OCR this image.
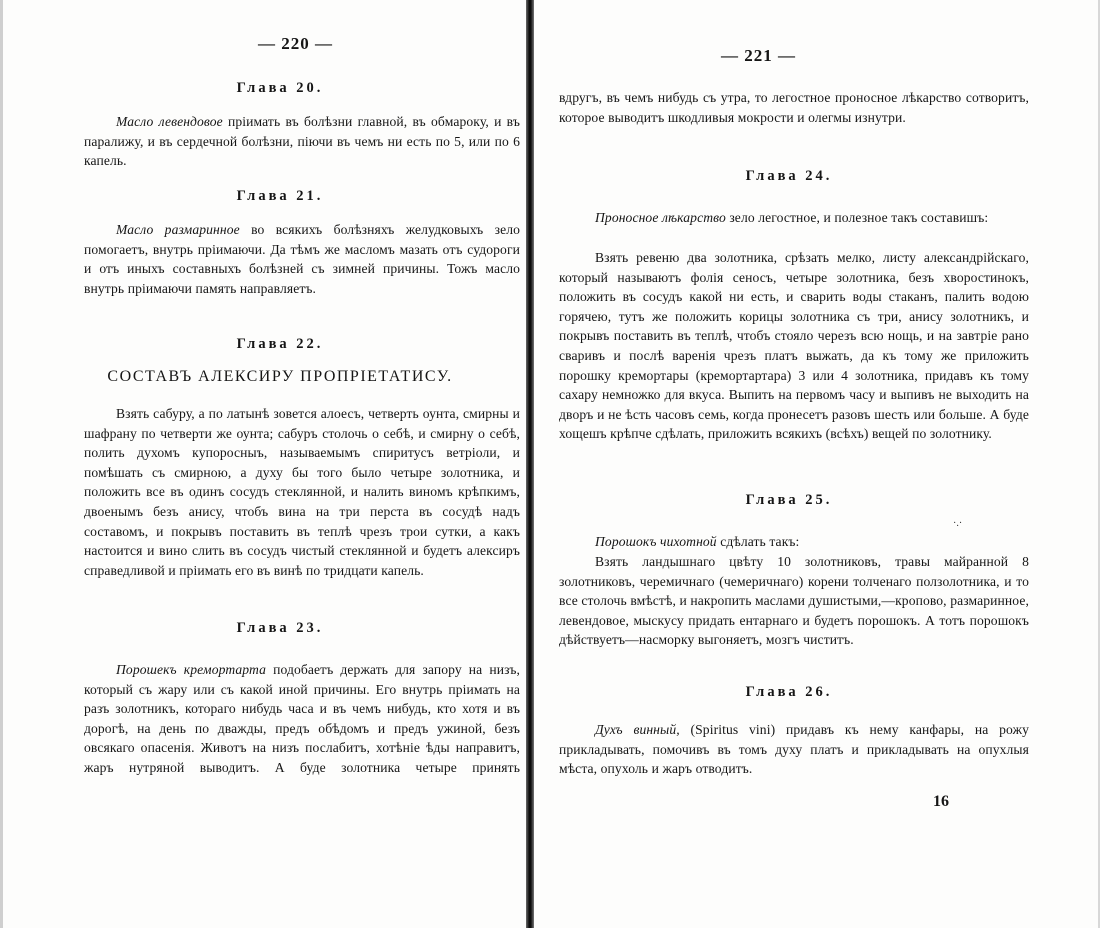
— 220 —
Глава 20.

Масло левендовое пріимать въ болѣзни главной, въ обмароку, и въ паралижу, и въ сердечной болѣзни, піючи въ чемъ ни есть по 5, или по 6 капель.

Глава 21.

Масло размаринное во всякихъ болѣзняхъ желудковыхъ зело помогаетъ, внутрь пріимаючи. Да тѣмъ же масломъ мазать отъ судороги и отъ иныхъ составныхъ болѣзней съ зимней причины. Тожъ масло внутрь пріимаючи память направляетъ.

Глава 22.
СОСТАВЪ АЛЕКСИРУ ПРОПРІЕТАТИСУ.

Взять сабуру, а по латынѣ зовется алоесъ, четверть оунта, смирны и шафрану по четверти же оунта; сабуръ столочь о себѣ, и смирну о себѣ, полить духомъ купоросныъ, называемымъ спиритусъ ветріоли, и помѣшать съ смирною, а духу бы того было четыре золотника, и положить все въ одинъ сосудъ стеклянной, и налить виномъ крѣпкимъ, двоенымъ безъ анису, чтобъ вина на три перста въ сосудѣ надъ составомъ, и покрывъ поставить въ теплѣ чрезъ трои сутки, а какъ настоится и вино слить въ сосудъ чистый стеклянной и будетъ алексиръ справедливой и пріимать его въ винѣ по тридцати капель.

Глава 23.

Порошекъ кремортарта подобаетъ держать для запору на низъ, который съ жару или съ какой иной причины. Его внутрь пріимать на разъ золотникъ, котораго нибудь часа и въ чемъ нибудь, кто хотя и въ дорогѣ, на день по дважды, предъ обѣдомъ и предъ ужиной, безъ овсякаго опасенія. Животъ на низъ послабитъ, хотѣніе ѣды направитъ, жаръ нутряной выводитъ. А буде золотника четыре принять

— 221 —

вдругъ, въ чемъ нибудь съ утра, то легостное проносное лѣкарство сотворитъ, которое выводитъ шкодливыя мокрости и олегмы изнутри.

Глава 24.

Проносное лѣкарство зело легостное, и полезное такъ составишъ:

Взять ревеню два золотника, срѣзать мелко, листу александрійскаго, который называютъ фолія сеносъ, четыре золотника, безъ хворостинокъ, положить въ сосудъ какой ни есть, и сварить воды стаканъ, палить водою горячею, тутъ же положить корицы золотника съ три, анису золотникъ, и покрывъ поставить въ теплѣ, чтобъ стояло черезъ всю нощь, и на завтріе рано сваривъ и послѣ варенія чрезъ платъ выжать, да къ тому же приложить порошку кремортары (кремортартара) 3 или 4 золотника, придавъ къ тому сахару немножко для вкуса. Выпить на первомъ часу и выпивъ не выходить на дворъ и не ѣсть часовъ семь, когда пронесетъ разовъ шесть или больше. А буде хощешъ крѣпче сдѣлать, приложить всякихъ (всѣхъ) вещей по золотнику.

Глава 25.
·.·

Порошокъ чихотной сдѣлать такъ:

Взять ландышнаго цвѣту 10 золотниковъ, травы майранной 8 золотниковъ, черемичнаго (чемеричнаго) корени толченаго ползолотника, и то все столочь вмѣстѣ, и накропить маслами душистыми,—кропово, размаринное, левендовое, мыскусу придать ентарнаго и будетъ порошокъ. А тотъ порошокъ дѣйствуетъ—насморку выгоняетъ, мозгъ чиститъ.

Глава 26.

Духъ винный, (Spiritus vini) придавъ къ нему канфары, на рожу прикладывать, помочивъ въ томъ духу платъ и прикладывать на опухлыя мѣста, опухоль и жаръ отводитъ.

16
